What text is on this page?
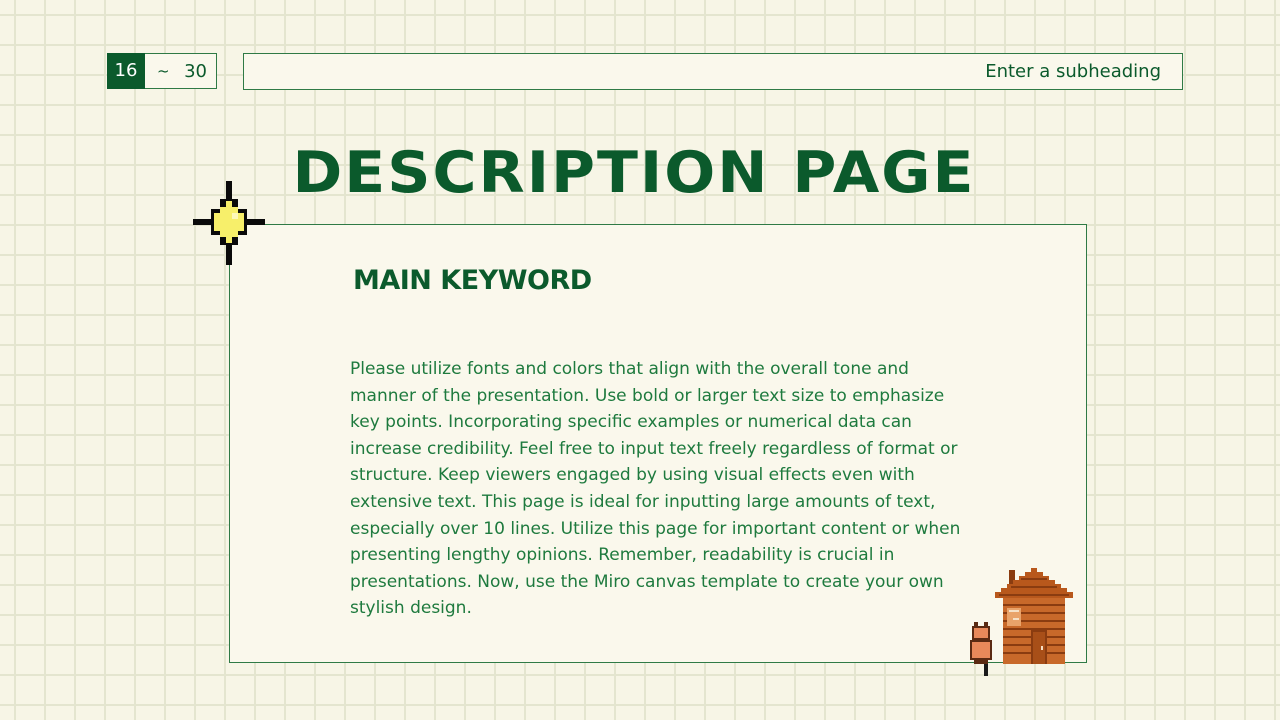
16	~ 30	Enter a subheading
DESCRIPTION PAGE
MAIN KEYWORD

Please utilize fonts and colors that align with the overall tone and manner of the presentation. Use bold or larger text size to emphasize key points. Incorporating specific examples or numerical data can increase credibility. Feel free to input text freely regardless of format or structure. Keep viewers engaged by using visual effects even with extensive text. This page is ideal for inputting large amounts of text, especially over 10 lines. Utilize this page for important content or when presenting lengthy opinions. Remember, readability is crucial in presentations. Now, use the Miro canvas template to create your own stylish design.
